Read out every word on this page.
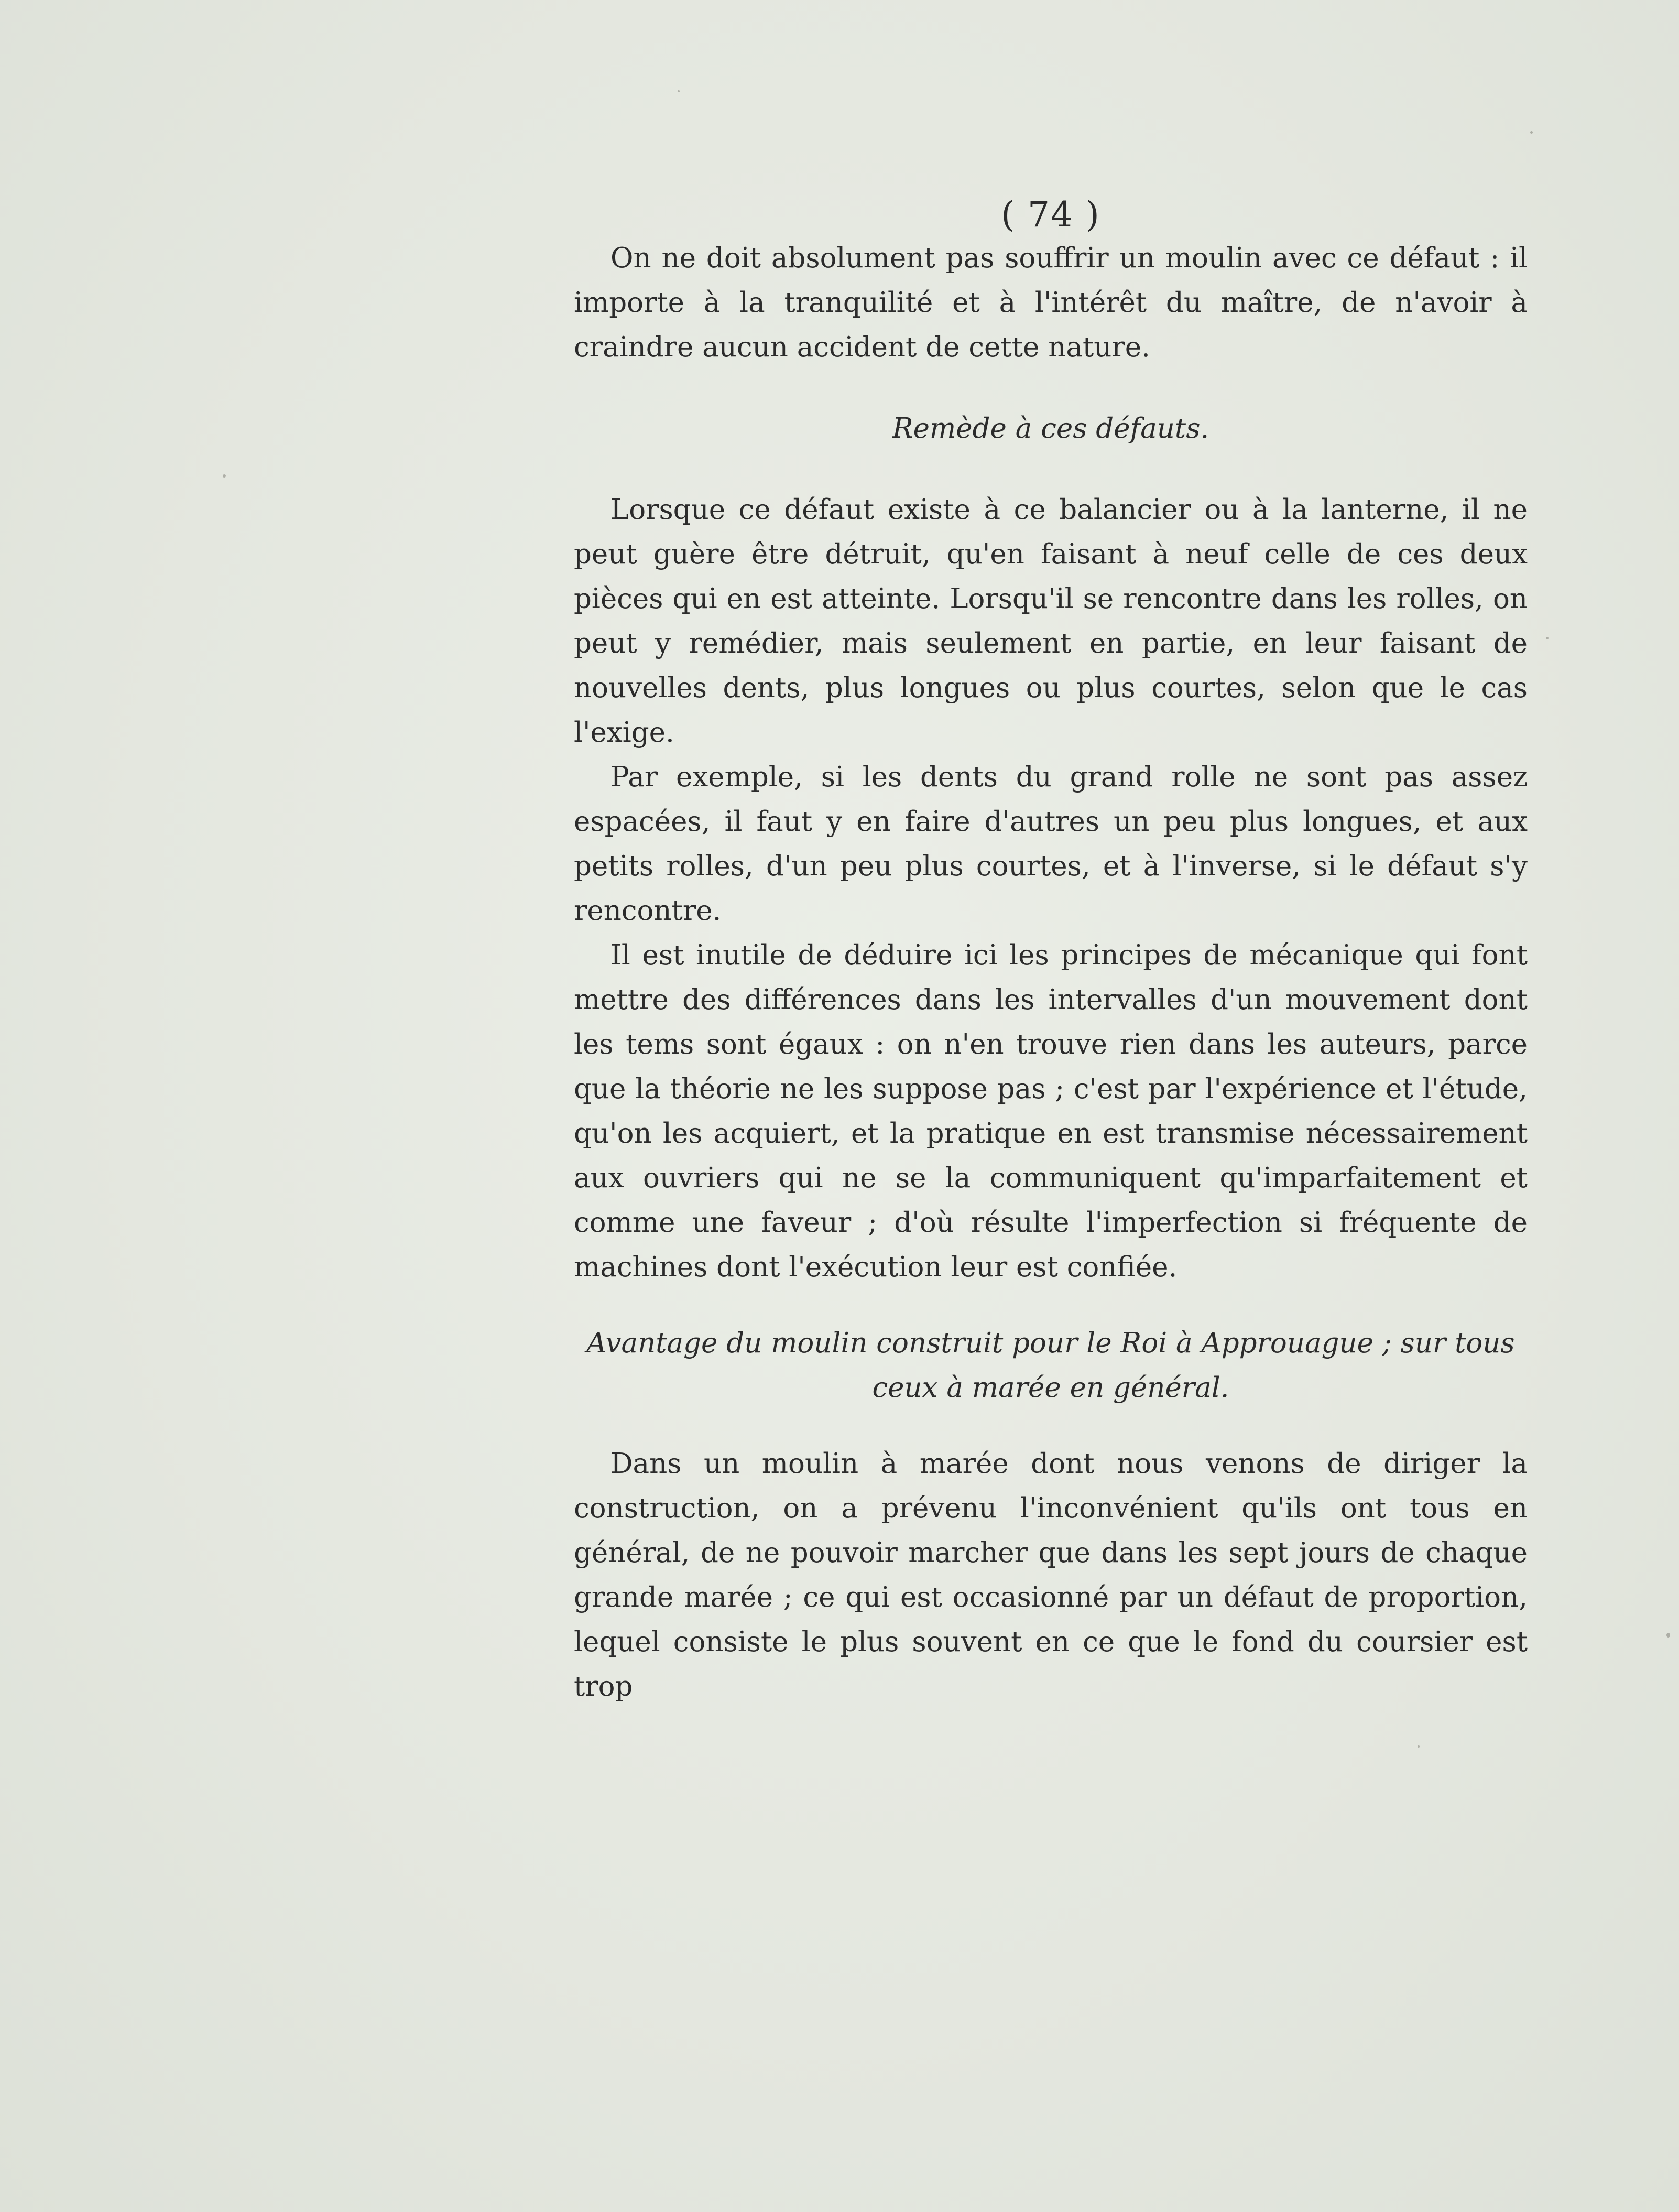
( 74 )

On ne doit absolument pas souffrir un moulin avec ce défaut : il importe à la tranquilité et à l'intérêt du maître, de n'avoir à craindre aucun accident de cette nature.

Remède à ces défauts.

Lorsque ce défaut existe à ce balancier ou à la lanterne, il ne peut guère être détruit, qu'en faisant à neuf celle de ces deux pièces qui en est atteinte. Lorsqu'il se rencontre dans les rolles, on peut y remédier, mais seulement en partie, en leur faisant de nouvelles dents, plus longues ou plus courtes, selon que le cas l'exige.

Par exemple, si les dents du grand rolle ne sont pas assez espacées, il faut y en faire d'autres un peu plus longues, et aux petits rolles, d'un peu plus courtes, et à l'inverse, si le défaut s'y rencontre.

Il est inutile de déduire ici les principes de mécanique qui font mettre des différences dans les intervalles d'un mouvement dont les tems sont égaux : on n'en trouve rien dans les auteurs, parce que la théorie ne les suppose pas ; c'est par l'expérience et l'étude, qu'on les acquiert, et la pratique en est transmise nécessairement aux ouvriers qui ne se la communiquent qu'imparfaitement et comme une faveur ; d'où résulte l'imperfection si fréquente de machines dont l'exécution leur est confiée.

Avantage du moulin construit pour le Roi à Approuague ; sur tous ceux à marée en général.

Dans un moulin à marée dont nous venons de diriger la construction, on a prévenu l'inconvénient qu'ils ont tous en général, de ne pouvoir marcher que dans les sept jours de chaque grande marée ; ce qui est occasionné par un défaut de proportion, lequel consiste le plus souvent en ce que le fond du coursier est trop
